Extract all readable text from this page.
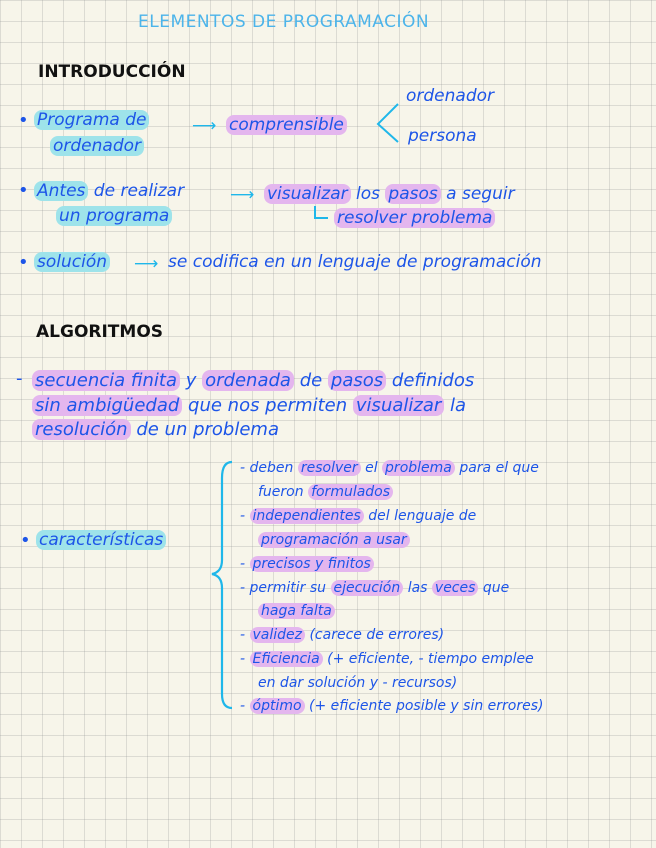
ELEMENTOS DE PROGRAMACIÓN
INTRODUCCIÓN
• Programa de
ordenador
⟶ comprensible
ordenador
persona
• Antes de realizar
un programa
⟶ visualizar los pasos a seguir
resolver problema
• solución ⟶ se codifica en un lenguaje de programación
ALGORITMOS
- secuencia finita y ordenada de pasos definidos
sin ambigüedad que nos permiten visualizar la
resolución de un problema
• características
- deben resolver el problema para el que
fueron formulados
- independientes del lenguaje de
programación a usar
- precisos y finitos
- permitir su ejecución las veces que
haga falta
- validez (carece de errores)
- Eficiencia (+ eficiente, - tiempo emplee
en dar solución y - recursos)
- óptimo (+ eficiente posible y sin errores)
